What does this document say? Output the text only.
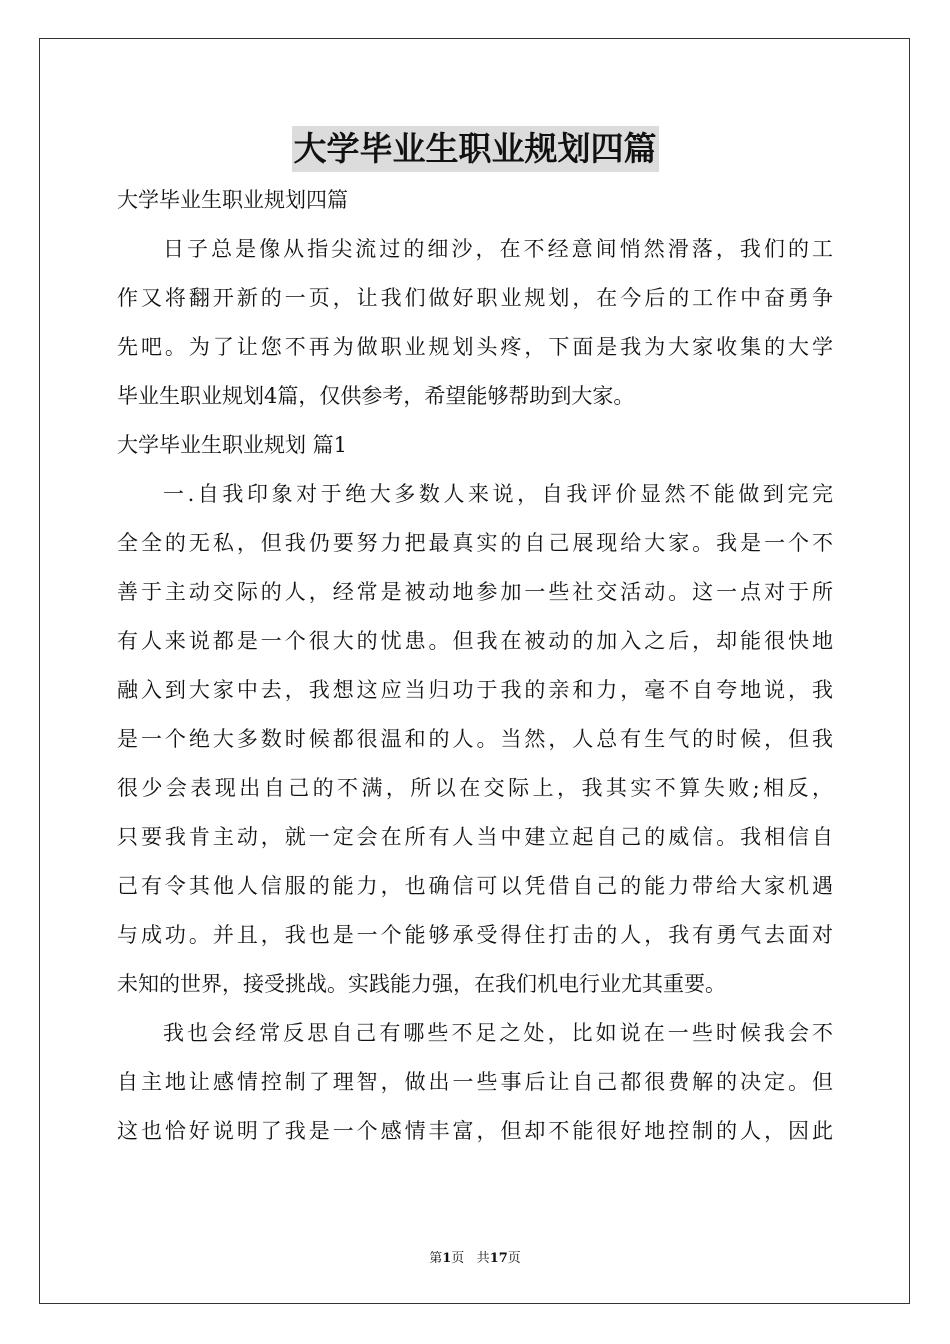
大学毕业生职业规划四篇
大学毕业生职业规划四篇
日子总是像从指尖流过的细沙，在不经意间悄然滑落，我们的工
作又将翻开新的一页，让我们做好职业规划，在今后的工作中奋勇争
先吧。为了让您不再为做职业规划头疼，下面是我为大家收集的大学
毕业生职业规划4篇，仅供参考，希望能够帮助到大家。
大学毕业生职业规划 篇1
一.自我印象对于绝大多数人来说，自我评价显然不能做到完完
全全的无私，但我仍要努力把最真实的自己展现给大家。我是一个不
善于主动交际的人，经常是被动地参加一些社交活动。这一点对于所
有人来说都是一个很大的忧患。但我在被动的加入之后，却能很快地
融入到大家中去，我想这应当归功于我的亲和力，毫不自夸地说，我
是一个绝大多数时候都很温和的人。当然，人总有生气的时候，但我
很少会表现出自己的不满，所以在交际上，我其实不算失败;相反，
只要我肯主动，就一定会在所有人当中建立起自己的威信。我相信自
己有令其他人信服的能力，也确信可以凭借自己的能力带给大家机遇
与成功。并且，我也是一个能够承受得住打击的人，我有勇气去面对
未知的世界，接受挑战。实践能力强，在我们机电行业尤其重要。
我也会经常反思自己有哪些不足之处，比如说在一些时候我会不
自主地让感情控制了理智，做出一些事后让自己都很费解的决定。但
这也恰好说明了我是一个感情丰富，但却不能很好地控制的人，因此
第1页 共17页
